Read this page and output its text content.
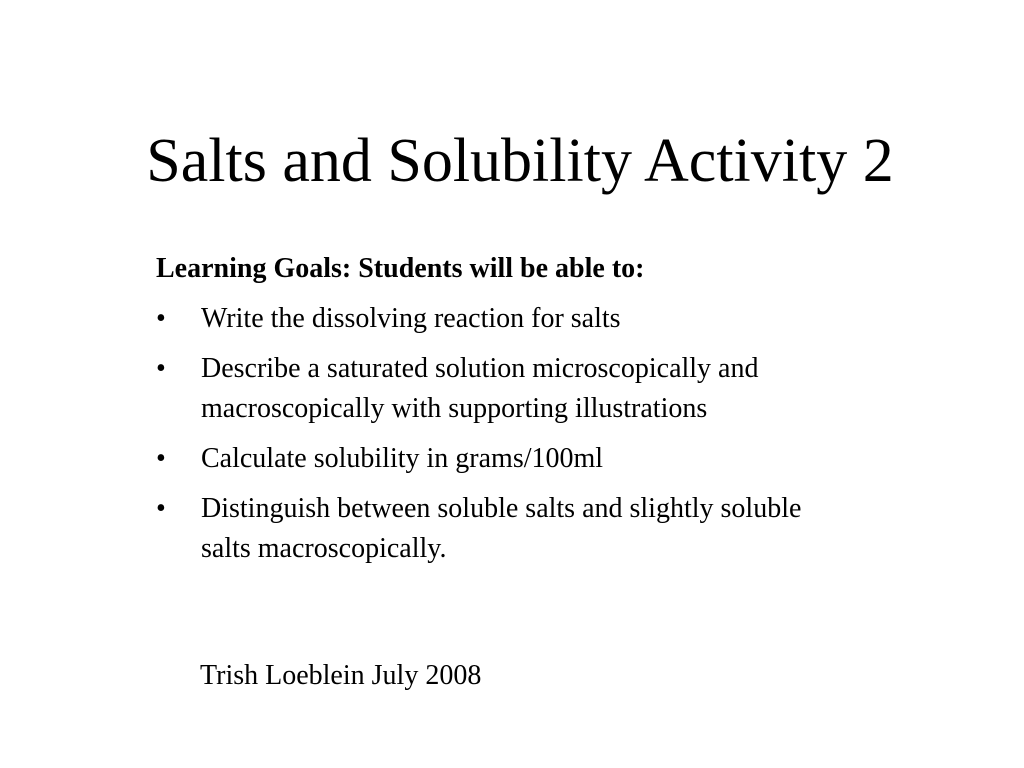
Salts and Solubility Activity 2
Learning Goals: Students will be able to:
• Write the dissolving reaction for salts
• Describe a saturated solution microscopically and macroscopically with supporting illustrations
• Calculate solubility in grams/100ml
• Distinguish between soluble salts and slightly soluble salts macroscopically.
Trish Loeblein July 2008
